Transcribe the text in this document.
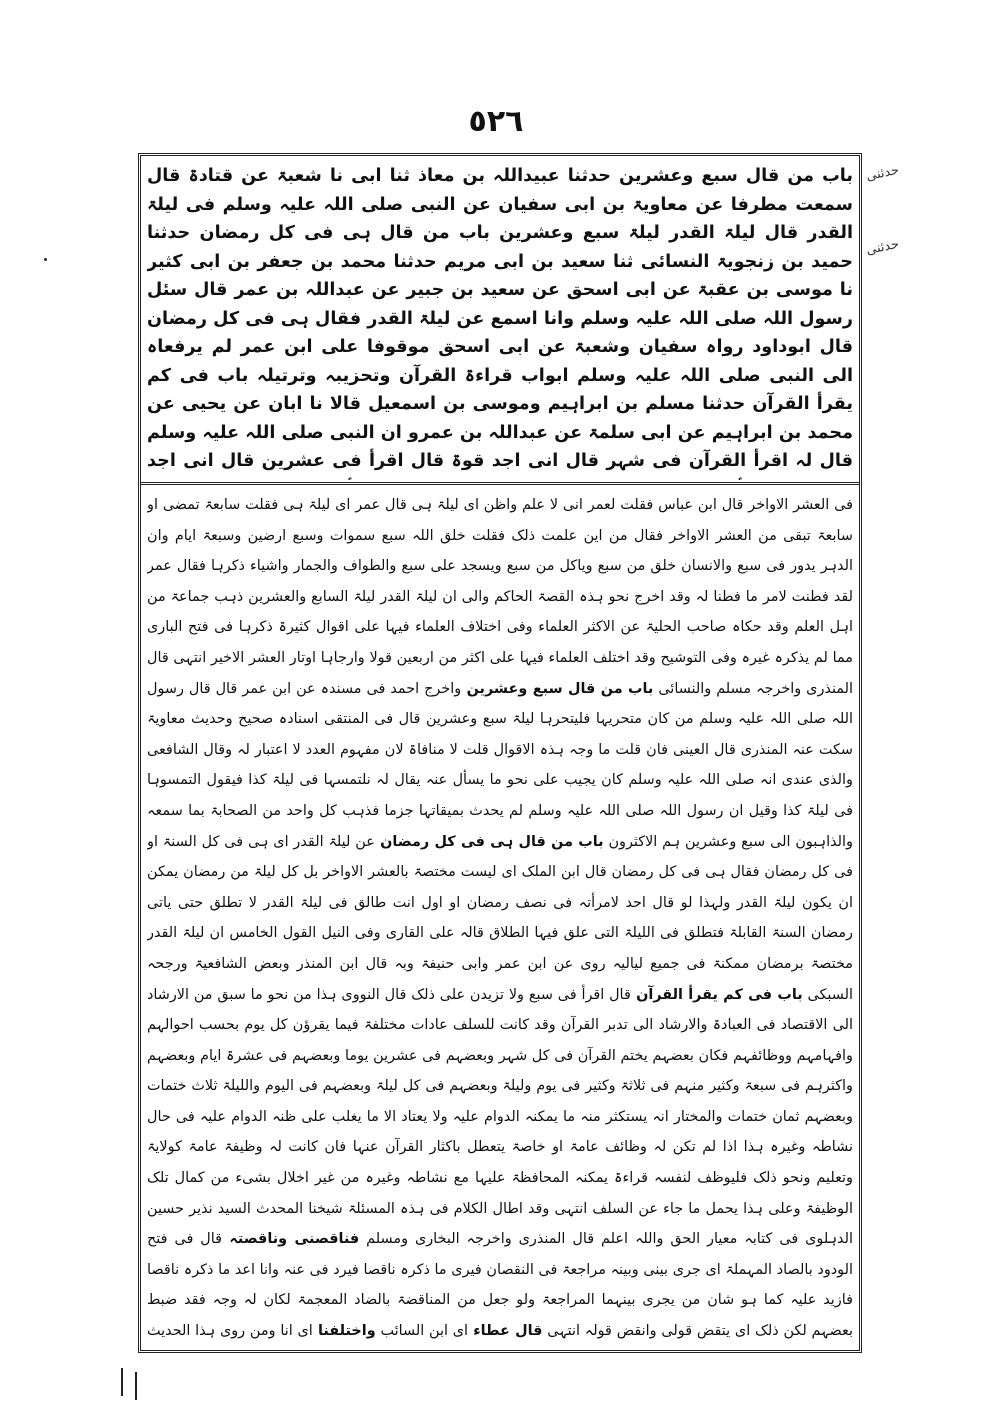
٥٢٦
حدثنی
حدثنی
باب من قال سبع وعشرین حدثنا عبیداللہ بن معاذ ثنا ابی نا شعبۃ عن قتادۃ قال سمعت مطرفا عن معاویۃ بن ابی سفیان عن النبی صلی اللہ علیہ وسلم فی لیلۃ القدر قال لیلۃ القدر لیلۃ سبع وعشرین باب من قال ہی فی کل رمضان حدثنا حمید بن زنجویۃ النسائی ثنا سعید بن ابی مریم حدثنا محمد بن جعفر بن ابی کثیر نا موسی بن عقبۃ عن ابی اسحق عن سعید بن جبیر عن عبداللہ بن عمر قال سئل رسول اللہ صلی اللہ علیہ وسلم وانا اسمع عن لیلۃ القدر فقال ہی فی کل رمضان قال ابوداود رواہ سفیان وشعبۃ عن ابی اسحق موقوفا علی ابن عمر لم یرفعاہ الی النبی صلی اللہ علیہ وسلم ابواب قراءۃ القرآن وتحزیبہ وترتیلہ باب فی کم یقرأ القرآن حدثنا مسلم بن ابراہیم وموسی بن اسمعیل قالا نا ابان عن یحیی عن محمد بن ابراہیم عن ابی سلمۃ عن عبداللہ بن عمرو ان النبی صلی اللہ علیہ وسلم قال لہ اقرأ القرآن فی شہر قال انی اجد قوۃ قال اقرأ فی عشرین قال انی اجد
فی العشر الاواخر قال ابن عباس فقلت لعمر انی لا علم واظن ای لیلۃ ہی قال عمر ای لیلۃ ہی فقلت سابعۃ تمضی او سابعۃ تبقی من العشر الاواخر فقال من این علمت ذلک فقلت خلق اللہ سبع سموات وسبع ارضین وسبعۃ ایام وان الدہر یدور فی سبع والانسان خلق من سبع ویاکل من سبع ویسجد علی سبع والطواف والجمار واشیاء ذکرہا فقال عمر لقد فطنت لامر ما فطنا لہ وقد اخرج نحو ہذہ القصۃ الحاکم والی ان لیلۃ القدر لیلۃ السابع والعشرین ذہب جماعۃ من اہل العلم وقد حکاہ صاحب الحلیۃ عن الاکثر العلماء وفی اختلاف العلماء فیہا علی اقوال کثیرۃ ذکرہا فی فتح الباری مما لم یذکرہ غیرہ وفی التوشیح وقد اختلف العلماء فیہا علی اکثر من اربعین قولا وارجاہا اوتار العشر الاخیر انتہی قال المنذری واخرجہ مسلم والنسائی باب من قال سبع وعشرین واخرج احمد فی مسندہ عن ابن عمر قال قال رسول اللہ صلی اللہ علیہ وسلم من کان متحریہا فلیتحرہا لیلۃ سبع وعشرین قال فی المنتقی اسنادہ صحیح وحدیث معاویۃ سکت عنہ المنذری قال العینی فان قلت ما وجہ ہذہ الاقوال قلت لا منافاۃ لان مفہوم العدد لا اعتبار لہ وقال الشافعی والذی عندی انہ صلی اللہ علیہ وسلم کان یجیب علی نحو ما یسأل عنہ یقال لہ نلتمسہا فی لیلۃ کذا فیقول التمسوہا فی لیلۃ کذا وقیل ان رسول اللہ صلی اللہ علیہ وسلم لم یحدث بمیقاتہا جزما فذہب کل واحد من الصحابۃ بما سمعہ والذاہبون الی سبع وعشرین ہم الاکثرون باب من قال ہی فی کل رمضان عن لیلۃ القدر ای ہی فی کل السنۃ او فی کل رمضان فقال ہی فی کل رمضان قال ابن الملک ای لیست مختصۃ بالعشر الاواخر بل کل لیلۃ من رمضان یمکن ان یکون لیلۃ القدر ولہذا لو قال احد لامرأتہ فی نصف رمضان او اول انت طالق فی لیلۃ القدر لا تطلق حتی یاتی رمضان السنۃ القابلۃ فتطلق فی اللیلۃ التی علق فیہا الطلاق قالہ علی القاری وفی النیل القول الخامس ان لیلۃ القدر مختصۃ برمضان ممکنۃ فی جمیع لیالیہ روی عن ابن عمر وابی حنیفۃ وبہ قال ابن المنذر وبعض الشافعیۃ ورجحہ السبکی باب فی کم یقرأ القرآن قال اقرأ فی سبع ولا تزیدن علی ذلک قال النووی ہذا من نحو ما سبق من الارشاد الی الاقتصاد فی العبادۃ والارشاد الی تدبر القرآن وقد کانت للسلف عادات مختلفۃ فیما یقرؤن کل یوم بحسب احوالہم وافہامہم ووظائفہم فکان بعضہم یختم القرآن فی کل شہر وبعضہم فی عشرین یوما وبعضہم فی عشرۃ ایام وبعضہم واکثرہم فی سبعۃ وکثیر منہم فی ثلاثۃ وکثیر فی یوم ولیلۃ وبعضہم فی کل لیلۃ وبعضہم فی الیوم واللیلۃ ثلاث ختمات وبعضہم ثمان ختمات والمختار انہ یستکثر منہ ما یمکنہ الدوام علیہ ولا یعتاد الا ما یغلب علی ظنہ الدوام علیہ فی حال نشاطہ وغیرہ ہذا اذا لم تکن لہ وظائف عامۃ او خاصۃ یتعطل باکثار القرآن عنہا فان کانت لہ وظیفۃ عامۃ کولایۃ وتعلیم ونحو ذلک فلیوظف لنفسہ قراءۃ یمکنہ المحافظۃ علیہا مع نشاطہ وغیرہ من غیر اخلال بشیء من کمال تلک الوظیفۃ وعلی ہذا یحمل ما جاء عن السلف انتہی وقد اطال الکلام فی ہذہ المسئلۃ شیخنا المحدث السید نذیر حسین الدہلوی فی کتابہ معیار الحق واللہ اعلم قال المنذری واخرجہ البخاری ومسلم فناقصنی وناقصتہ قال فی فتح الودود بالصاد المہملۃ ای جری بینی وبینہ مراجعۃ فی النقصان فیری ما ذکرہ ناقصا فیرد فی عنہ وانا اعد ما ذکرہ ناقصا فازید علیہ کما ہو شان من یجری بینہما المراجعۃ ولو جعل من المناقضۃ بالضاد المعجمۃ لکان لہ وجہ فقد ضبط بعضہم لکن ذلک ای یتقض قولی وانقض قولہ انتہی قال عطاء ای ابن السائب واختلفنا ای انا ومن روی ہذا الحدیث
